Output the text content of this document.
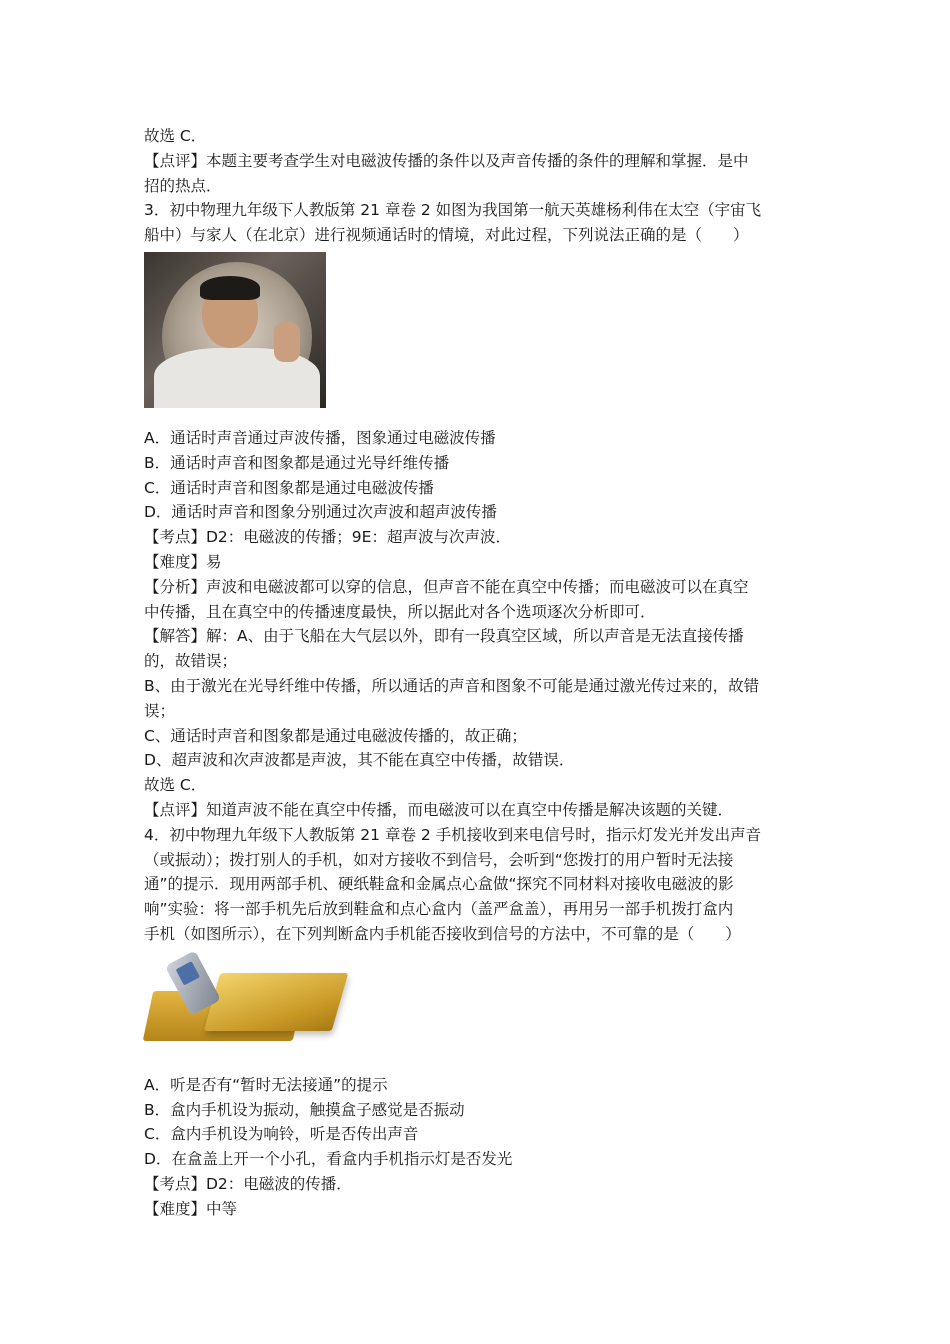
故选 C．
【点评】本题主要考查学生对电磁波传播的条件以及声音传播的条件的理解和掌握．是中
招的热点．
3．初中物理九年级下人教版第 21 章卷 2 如图为我国第一航天英雄杨利伟在太空（宇宙飞
船中）与家人（在北京）进行视频通话时的情境，对此过程，下列说法正确的是（　　）
A．通话时声音通过声波传播，图象通过电磁波传播
B．通话时声音和图象都是通过光导纤维传播
C．通话时声音和图象都是通过电磁波传播
D．通话时声音和图象分别通过次声波和超声波传播
【考点】D2：电磁波的传播；9E：超声波与次声波．
【难度】易
【分析】声波和电磁波都可以穿的信息，但声音不能在真空中传播；而电磁波可以在真空
中传播，且在真空中的传播速度最快，所以据此对各个选项逐次分析即可．
【解答】解：A、由于飞船在大气层以外，即有一段真空区域，所以声音是无法直接传播
的，故错误；
B、由于激光在光导纤维中传播，所以通话的声音和图象不可能是通过激光传过来的，故错
误；
C、通话时声音和图象都是通过电磁波传播的，故正确；
D、超声波和次声波都是声波，其不能在真空中传播，故错误．
故选 C．
【点评】知道声波不能在真空中传播，而电磁波可以在真空中传播是解决该题的关键．
4．初中物理九年级下人教版第 21 章卷 2 手机接收到来电信号时，指示灯发光并发出声音
（或振动）；拨打别人的手机，如对方接收不到信号，会听到“您拨打的用户暂时无法接
通”的提示．现用两部手机、硬纸鞋盒和金属点心盒做“探究不同材料对接收电磁波的影
响”实验：将一部手机先后放到鞋盒和点心盒内（盖严盒盖），再用另一部手机拨打盒内
手机（如图所示），在下列判断盒内手机能否接收到信号的方法中，不可靠的是（　　）
A．听是否有“暂时无法接通”的提示
B．盒内手机设为振动，触摸盒子感觉是否振动
C．盒内手机设为响铃，听是否传出声音
D．在盒盖上开一个小孔，看盒内手机指示灯是否发光
【考点】D2：电磁波的传播．
【难度】中等
